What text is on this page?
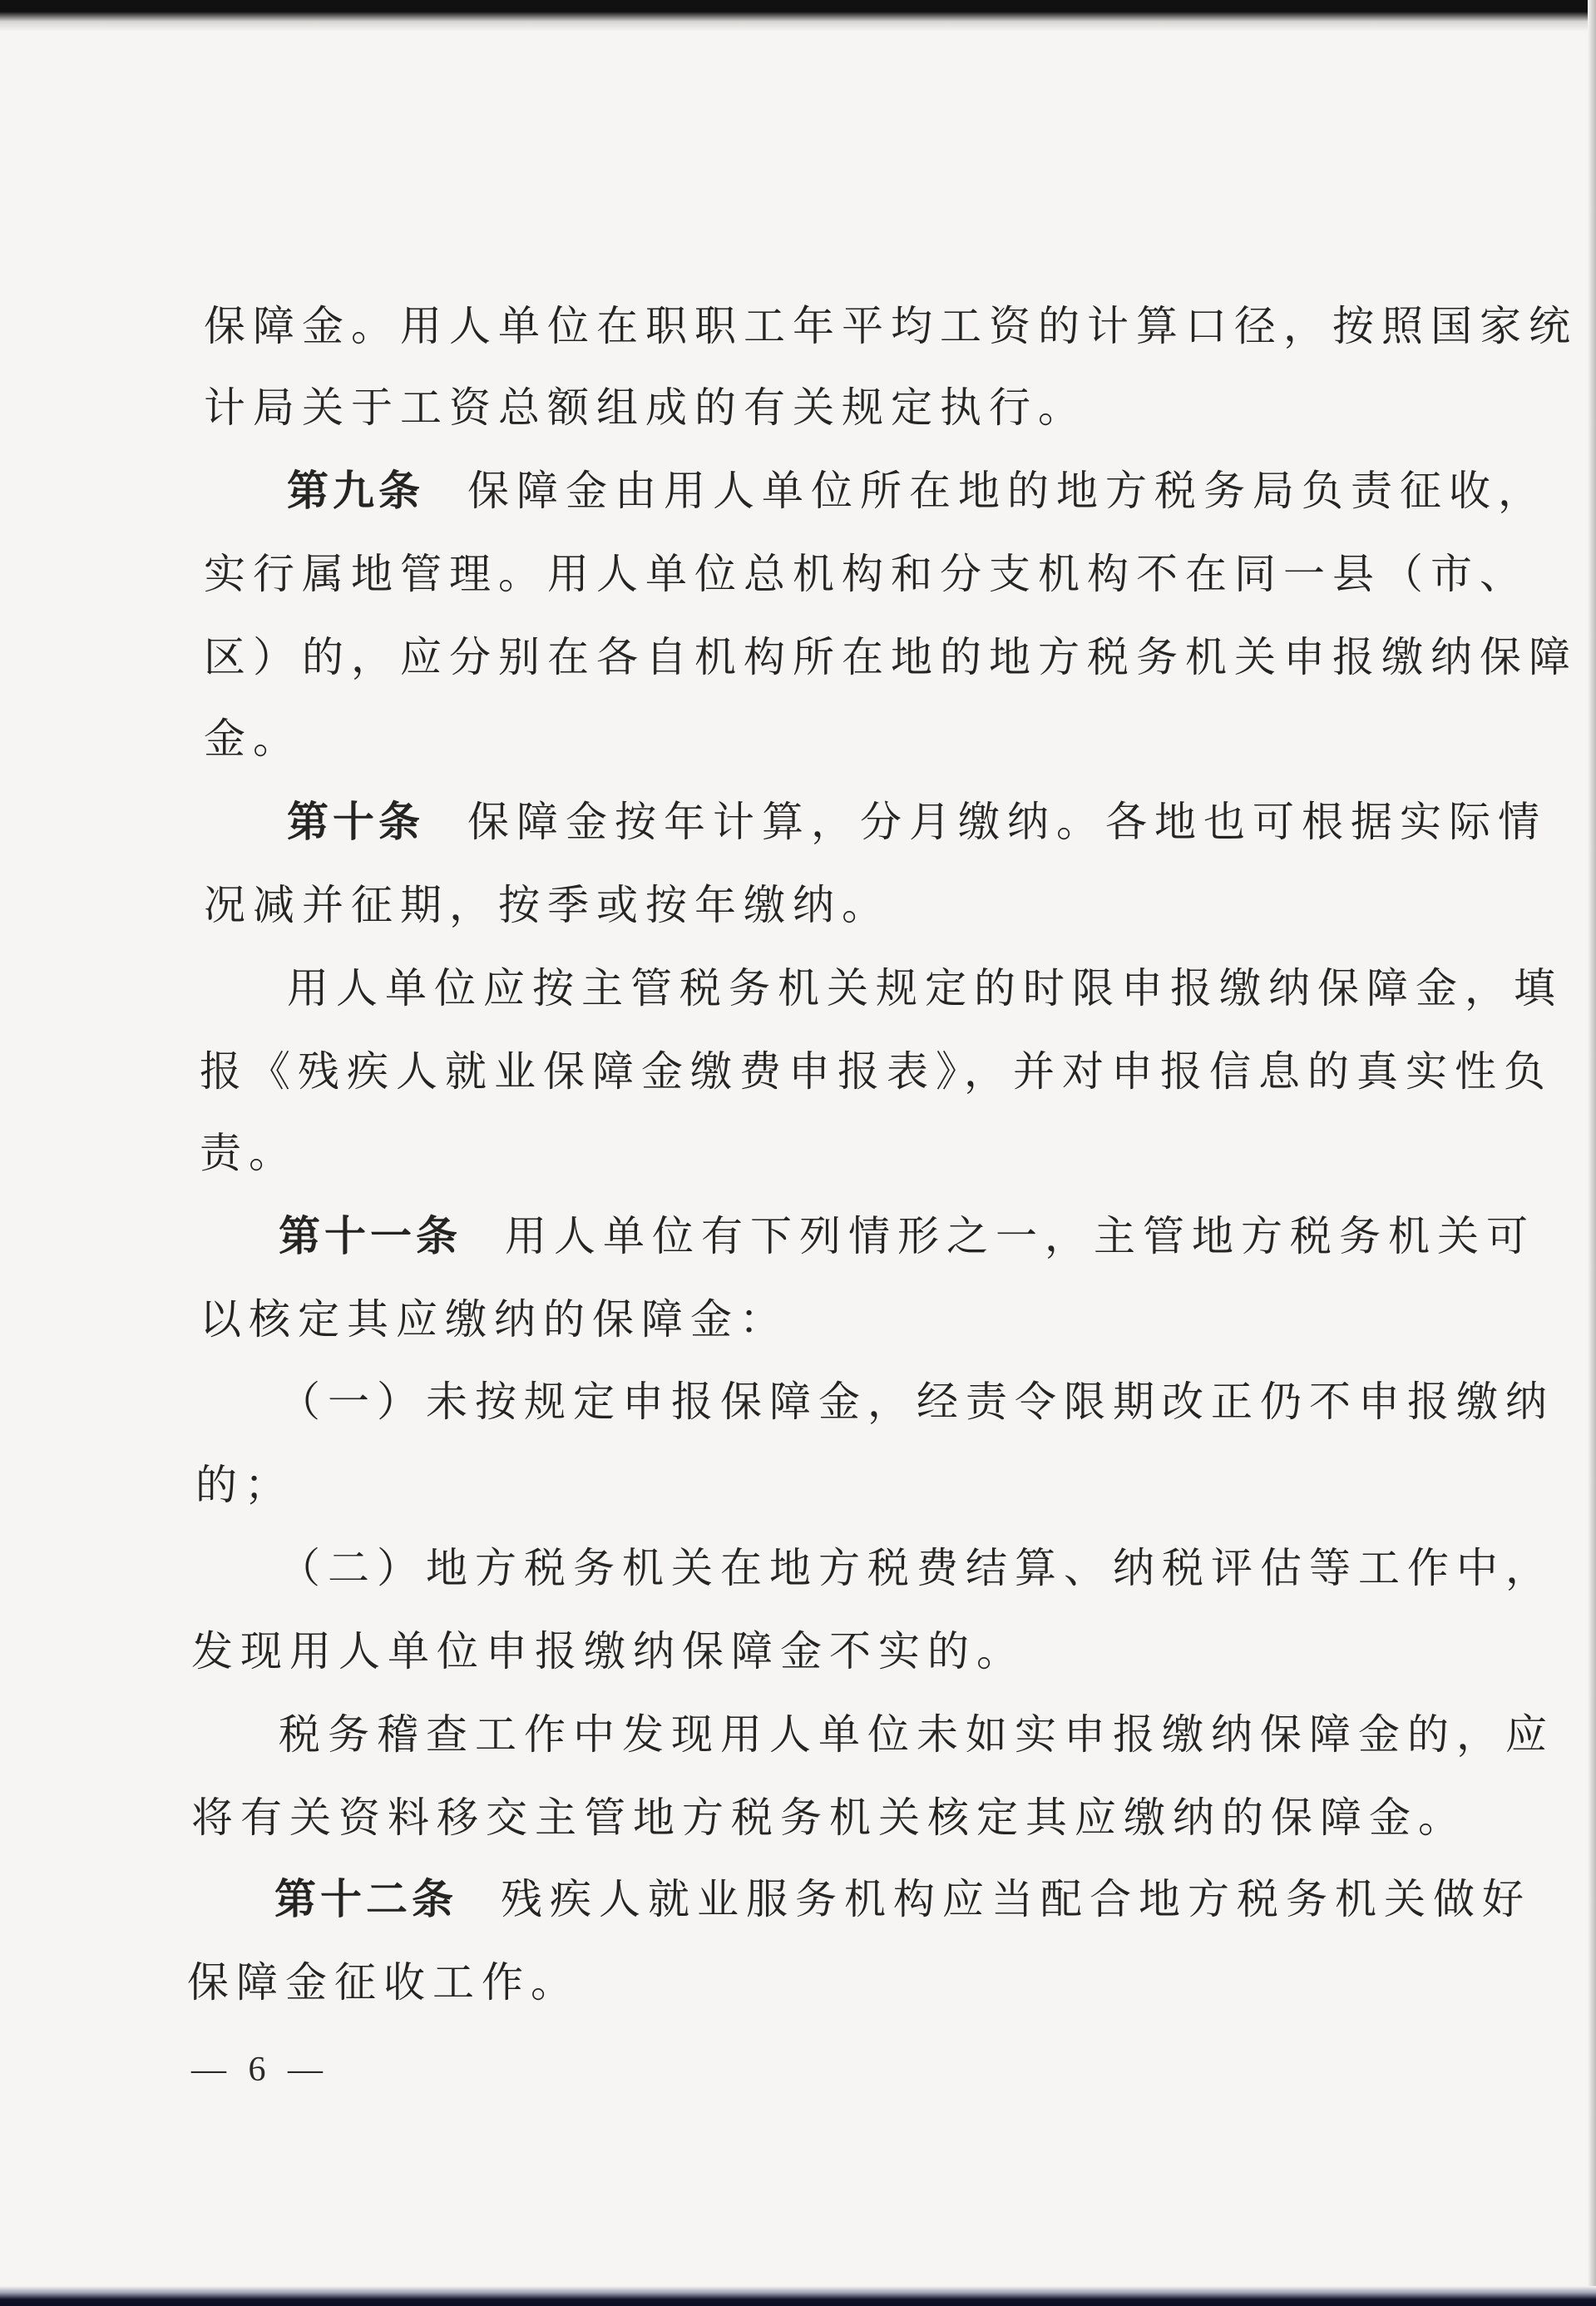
保障金。用人单位在职职工年平均工资的计算口径，按照国家统
计局关于工资总额组成的有关规定执行。
第九条 保障金由用人单位所在地的地方税务局负责征收，
实行属地管理。用人单位总机构和分支机构不在同一县（市、
区）的，应分别在各自机构所在地的地方税务机关申报缴纳保障
金。
第十条 保障金按年计算，分月缴纳。各地也可根据实际情
况减并征期，按季或按年缴纳。
用人单位应按主管税务机关规定的时限申报缴纳保障金，填
报《残疾人就业保障金缴费申报表》，并对申报信息的真实性负
责。
第十一条 用人单位有下列情形之一，主管地方税务机关可
以核定其应缴纳的保障金：
（一）未按规定申报保障金，经责令限期改正仍不申报缴纳
的；
（二）地方税务机关在地方税费结算、纳税评估等工作中，
发现用人单位申报缴纳保障金不实的。
税务稽查工作中发现用人单位未如实申报缴纳保障金的，应
将有关资料移交主管地方税务机关核定其应缴纳的保障金。
第十二条 残疾人就业服务机构应当配合地方税务机关做好
保障金征收工作。
— 6 —
